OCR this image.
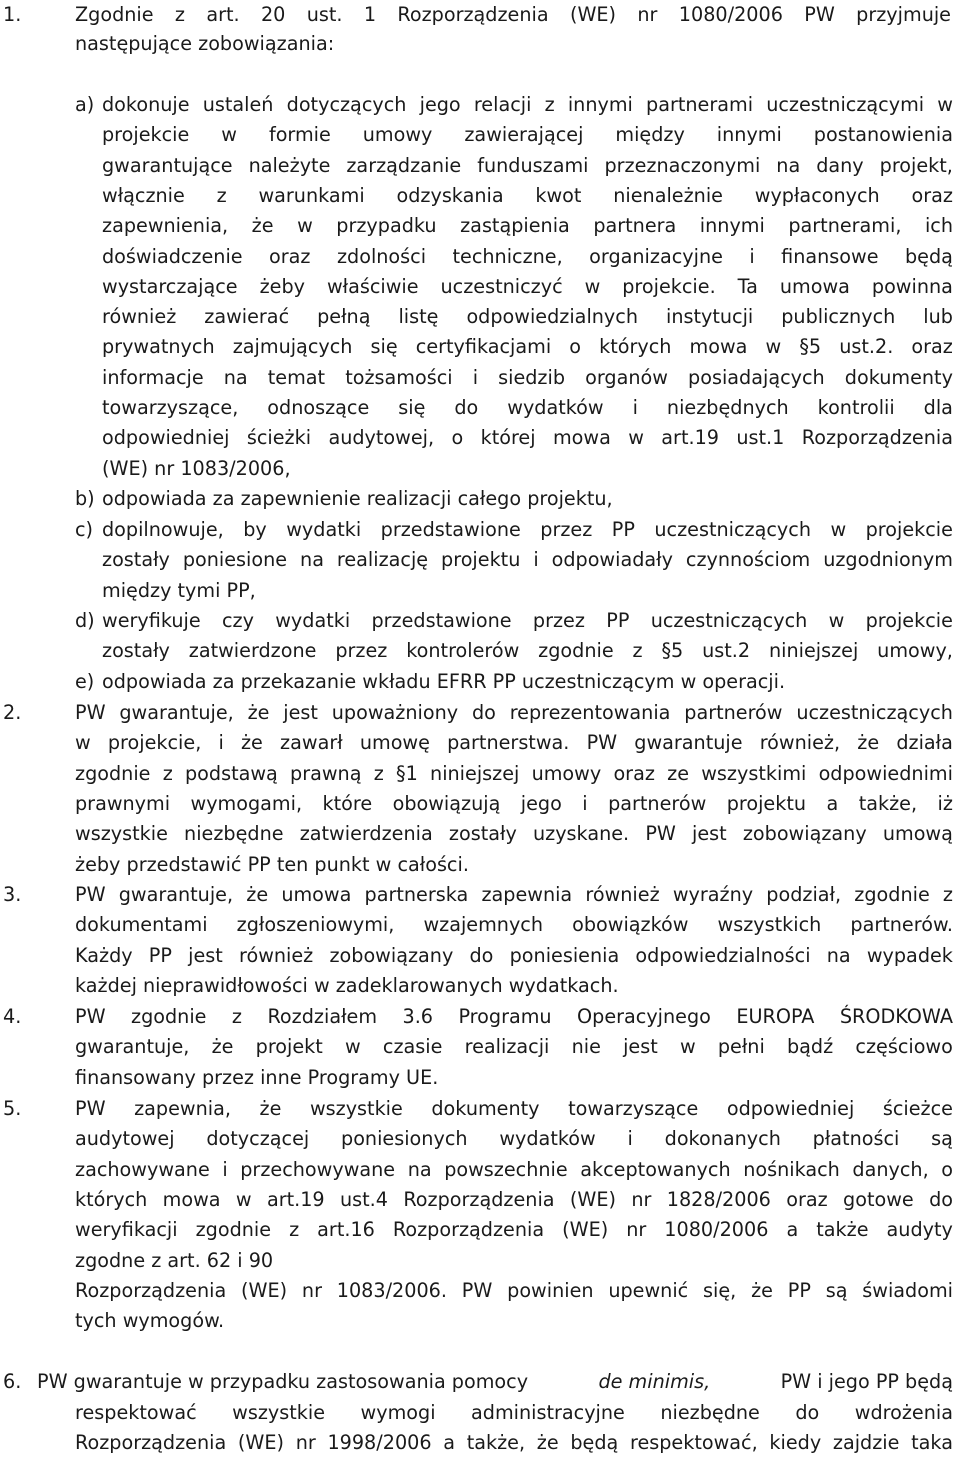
1.	Zgodnie z art. 20 ust. 1 Rozporządzenia (WE) nr 1080/2006 PW przyjmuje
następujące zobowiązania:
a) dokonuje ustaleń dotyczących jego relacji z innymi partnerami uczestniczącymi w
projekcie w formie umowy zawierającej między innymi postanowienia
gwarantujące należyte zarządzanie funduszami przeznaczonymi na dany projekt,
włącznie z warunkami odzyskania kwot nienależnie wypłaconych oraz
zapewnienia, że w przypadku zastąpienia partnera innymi partnerami, ich
doświadczenie oraz zdolności techniczne, organizacyjne i finansowe będą
wystarczające żeby właściwie uczestniczyć w projekcie. Ta umowa powinna
również zawierać pełną listę odpowiedzialnych instytucji publicznych lub
prywatnych zajmujących się certyfikacjami o których mowa w §5 ust.2. oraz
informacje na temat tożsamości i siedzib organów posiadających dokumenty
towarzyszące, odnoszące się do wydatków i niezbędnych kontrolii dla
odpowiedniej ścieżki audytowej, o której mowa w art.19 ust.1 Rozporządzenia
(WE) nr 1083/2006,
b) odpowiada za zapewnienie realizacji całego projektu,
c) dopilnowuje, by wydatki przedstawione przez PP uczestniczących w projekcie
zostały poniesione na realizację projektu i odpowiadały czynnościom uzgodnionym
między tymi PP,
d) weryfikuje czy wydatki przedstawione przez PP uczestniczących w projekcie
zostały zatwierdzone przez kontrolerów zgodnie z §5 ust.2 niniejszej umowy,
e) odpowiada za przekazanie wkładu EFRR PP uczestniczącym w operacji.
2.	PW gwarantuje, że jest upoważniony do reprezentowania partnerów uczestniczących
w projekcie, i że zawarł umowę partnerstwa. PW gwarantuje również, że działa
zgodnie z podstawą prawną z §1 niniejszej umowy oraz ze wszystkimi odpowiednimi
prawnymi wymogami, które obowiązują jego i partnerów projektu a także, iż
wszystkie niezbędne zatwierdzenia zostały uzyskane. PW jest zobowiązany umową
żeby przedstawić PP ten punkt w całości.
3.	PW gwarantuje, że umowa partnerska zapewnia również wyraźny podział, zgodnie z
dokumentami zgłoszeniowymi, wzajemnych obowiązków wszystkich partnerów.
Każdy PP jest również zobowiązany do poniesienia odpowiedzialności na wypadek
każdej nieprawidłowości w zadeklarowanych wydatkach.
4.	PW zgodnie z Rozdziałem 3.6 Programu Operacyjnego EUROPA ŚRODKOWA
gwarantuje, że projekt w czasie realizacji nie jest w pełni bądź częściowo
finansowany przez inne Programy UE.
5.	PW zapewnia, że wszystkie dokumenty towarzyszące odpowiedniej ścieżce
audytowej dotyczącej poniesionych wydatków i dokonanych płatności są
zachowywane i przechowywane na powszechnie akceptowanych nośnikach danych, o
których mowa w art.19 ust.4 Rozporządzenia (WE) nr 1828/2006 oraz gotowe do
weryfikacji zgodnie z art.16 Rozporządzenia (WE) nr 1080/2006 a także audyty
zgodne z art. 62 i 90
Rozporządzenia (WE) nr 1083/2006. PW powinien upewnić się, że PP są świadomi
tych wymogów.
6. PW gwarantuje w przypadku zastosowania pomocy	de minimis,	PW i jego PP będą
respektować wszystkie wymogi administracyjne niezbędne do wdrożenia
Rozporządzenia (WE) nr 1998/2006 a także, że będą respektować, kiedy zajdzie taka
